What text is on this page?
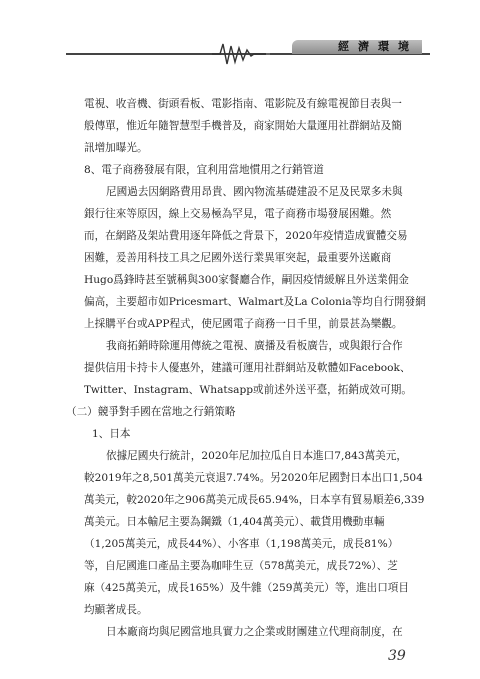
經濟環境
電視、收音機、街頭看板、電影指南、電影院及有線電視節目表與一
般傳單，惟近年隨智慧型手機普及，商家開始大量運用社群網站及簡
訊增加曝光。
8、電子商務發展有限，宜利用當地慣用之行銷管道
尼國過去因網路費用昂貴、國內物流基礎建設不足及民眾多未與
銀行往來等原因，線上交易極為罕見，電子商務市場發展困難。然
而，在網路及架站費用逐年降低之背景下，2020年疫情造成實體交易
困難，爰善用科技工具之尼國外送行業異軍突起，最重要外送廠商
Hugo爲鋒時甚至號稱與300家餐廳合作，嗣因疫情緩解且外送業佣金
偏高，主要超市如Pricesmart、Walmart及La Colonia等均自行開發網
上採購平台或APP程式，使尼國電子商務一日千里，前景甚為樂觀。
我商拓銷時除運用傳統之電視、廣播及看板廣告，或與銀行合作
提供信用卡持卡人優惠外，建議可運用社群網站及軟體如Facebook、
Twitter、Instagram、Whatsapp或前述外送平臺，拓銷成效可期。
（二）競爭對手國在當地之行銷策略
1、日本
依據尼國央行統計，2020年尼加拉瓜自日本進口7,843萬美元，
較2019年之8,501萬美元衰退7.74%。另2020年尼國對日本出口1,504
萬美元，較2020年之906萬美元成長65.94%，日本享有貿易順差6,339
萬美元。日本輸尼主要為鋼鐵（1,404萬美元）、載貨用機動車輛
（1,205萬美元，成長44%）、小客車（1,198萬美元，成長81%）
等，自尼國進口產品主要為咖啡生豆（578萬美元，成長72%）、芝
麻（425萬美元，成長165%）及牛雜（259萬美元）等，進出口項目
均顯著成長。
日本廠商均與尼國當地具實力之企業或財團建立代理商制度，在
39
